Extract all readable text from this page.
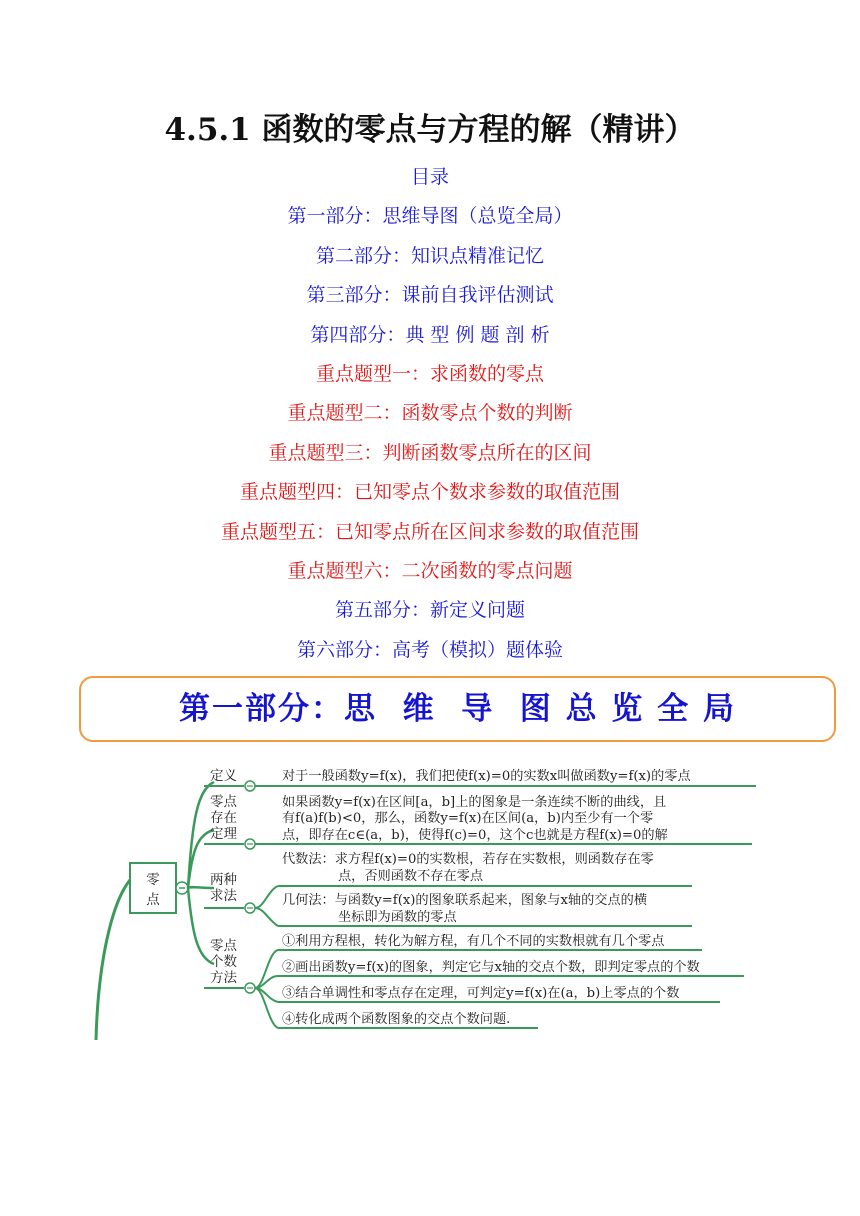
4.5.1 函数的零点与方程的解（精讲）
目录
第一部分：思维导图（总览全局）
第二部分：知识点精准记忆
第三部分：课前自我评估测试
第四部分：典 型 例 题 剖 析
重点题型一：求函数的零点
重点题型二：函数零点个数的判断
重点题型三：判断函数零点所在的区间
重点题型四：已知零点个数求参数的取值范围
重点题型五：已知零点所在区间求参数的取值范围
重点题型六：二次函数的零点问题
第五部分：新定义问题
第六部分：高考（模拟）题体验
第一部分：思  维  导  图 总 览 全 局
零
点
定义
零点
存在
定理
两种
求法
零点
个数
方法
对于一般函数y=f(x)，我们把使f(x)=0的实数x叫做函数y=f(x)的零点
如果函数y=f(x)在区间[a，b]上的图象是一条连续不断的曲线，且
有f(a)f(b)<0，那么，函数y=f(x)在区间(a，b)内至少有一个零
点，即存在c∈(a，b)，使得f(c)=0，这个c也就是方程f(x)=0的解
代数法：求方程f(x)=0的实数根，若存在实数根，则函数存在零
点，否则函数不存在零点
几何法：与函数y=f(x)的图象联系起来，图象与x轴的交点的横
坐标即为函数的零点
①利用方程根，转化为解方程，有几个不同的实数根就有几个零点
②画出函数y=f(x)的图象，判定它与x轴的交点个数，即判定零点的个数
③结合单调性和零点存在定理，可判定y=f(x)在(a，b)上零点的个数
④转化成两个函数图象的交点个数问题.
